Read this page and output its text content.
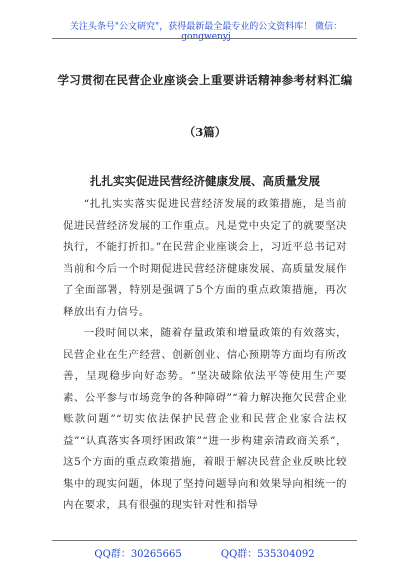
关注头条号"公文研究"，获得最新最全最专业的公文资料库！ 微信：gongwenyj
学习贯彻在民营企业座谈会上重要讲话精神参考材料汇编
（3篇）
扎扎实实促进民营经济健康发展、高质量发展

“扎扎实实落实促进民营经济发展的政策措施，是当前促进民营经济发展的工作重点。凡是党中央定了的就要坚决执行，不能打折扣。”在民营企业座谈会上，习近平总书记对当前和今后一个时期促进民营经济健康发展、高质量发展作了全面部署，特别是强调了5个方面的重点政策措施，再次释放出有力信号。

一段时间以来，随着存量政策和增量政策的有效落实，民营企业在生产经营、创新创业、信心预期等方面均有所改善，呈现稳步向好态势。“坚决破除依法平等使用生产要素、公平参与市场竞争的各种障碍”“着力解决拖欠民营企业账款问题”“切实依法保护民营企业和民营企业家合法权益”“认真落实各项纾困政策”“进一步构建亲清政商关系”，这5个方面的重点政策措施，着眼于解决民营企业反映比较集中的现实问题，体现了坚持问题导向和效果导向相统一的内在要求，具有很强的现实针对性和指导

QQ群：30265665	QQ群：535304092
